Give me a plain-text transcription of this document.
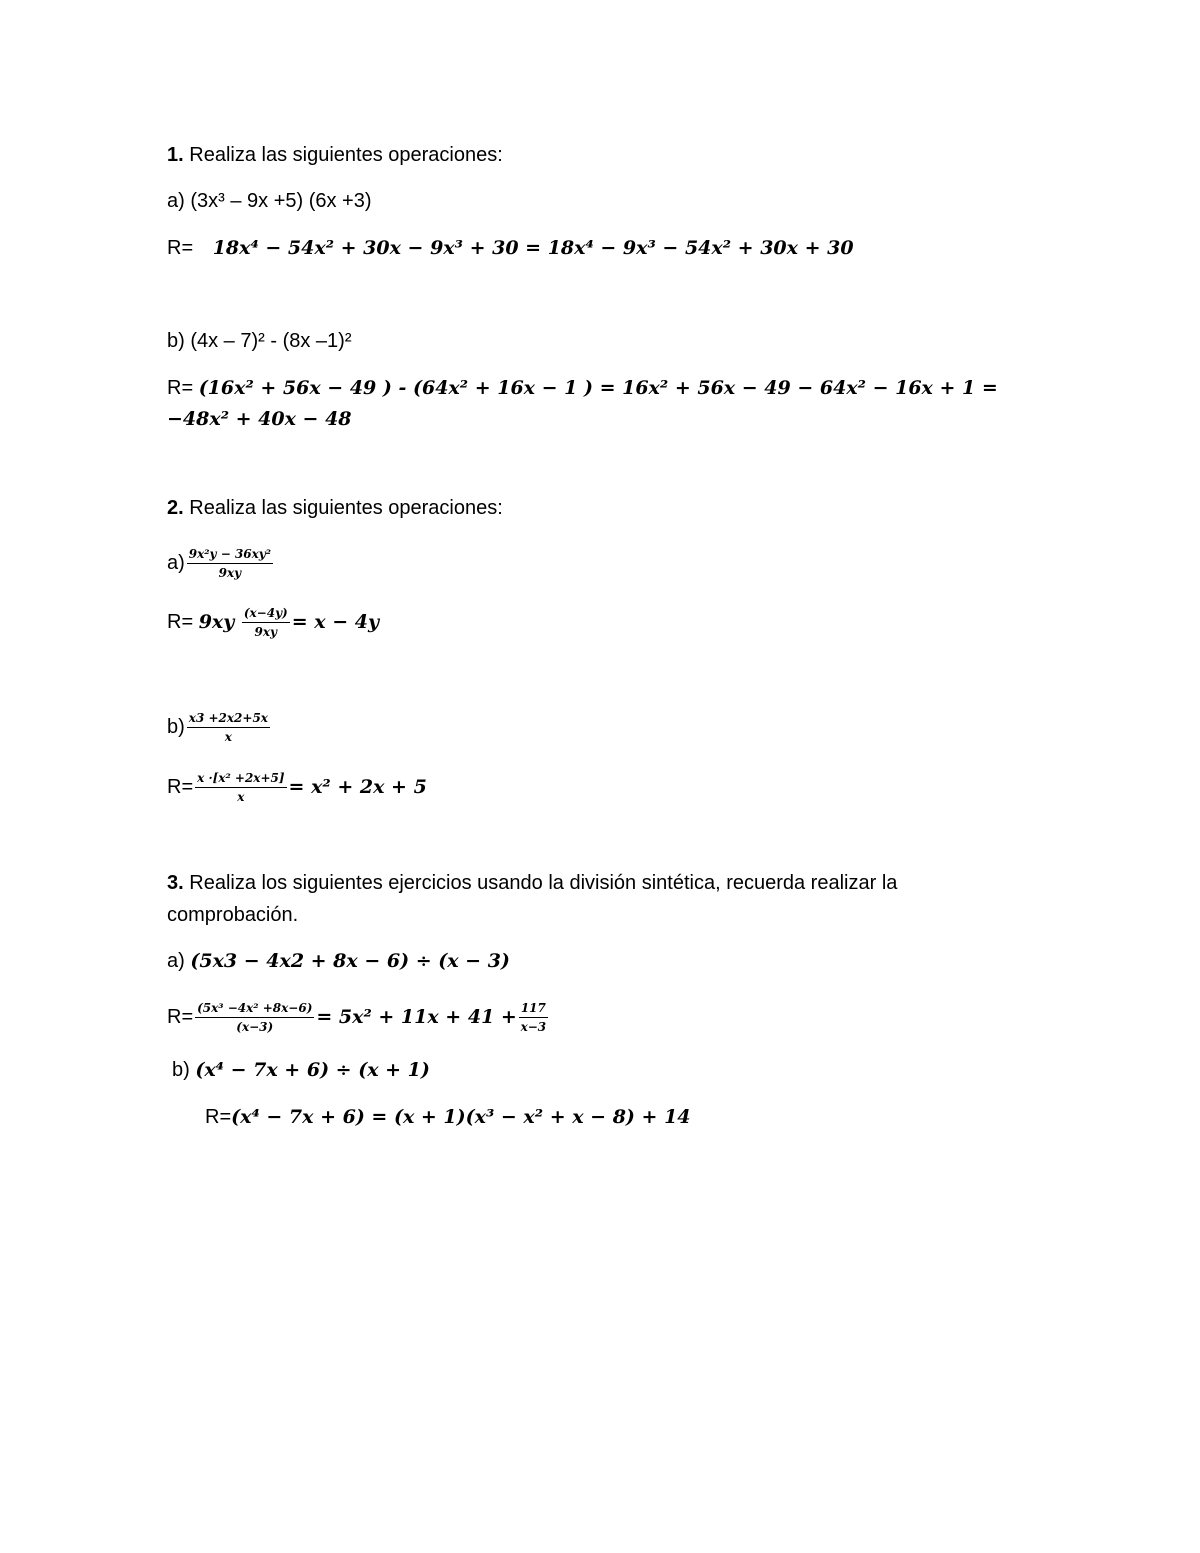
1. Realiza las siguientes operaciones:
a) (3x³ – 9x +5) (6x +3)
R= 18x⁴ − 54x² + 30x − 9x³ + 30 = 18x⁴ − 9x³ − 54x² + 30x + 30
b) (4x – 7)² - (8x –1)²
R= (16x² + 56x − 49 ) - (64x² + 16x − 1 ) = 16x² + 56x − 49 − 64x² − 16x + 1 =
−48x² + 40x − 48
2. Realiza las siguientes operaciones:
$a) \frac{\text{9x²y − 36xy²}}{9xy}$
$R= 9xy \frac{(x-4y)}{9xy} = x - 4y$
$b) \frac{x3 +2x2+5x}{x}$
$R= \frac{\text{x ·[x² +2x+5]}}{x} = x^2 + 2x + 5$
3. Realiza los siguientes ejercicios usando la división sintética, recuerda realizar la
comprobación.
a) (5x3 − 4x2 + 8x − 6) ÷ (x − 3)
$R= \frac{\text{(5x³ −4x² +8x−6)}}{(x-3)} = 5x^2 + 11x + 41 + \frac{117}{x-3}$
b) (x⁴ − 7x + 6) ÷ (x + 1)
R=(x⁴ − 7x + 6) = (x + 1)(x³ − x² + x − 8) + 14
